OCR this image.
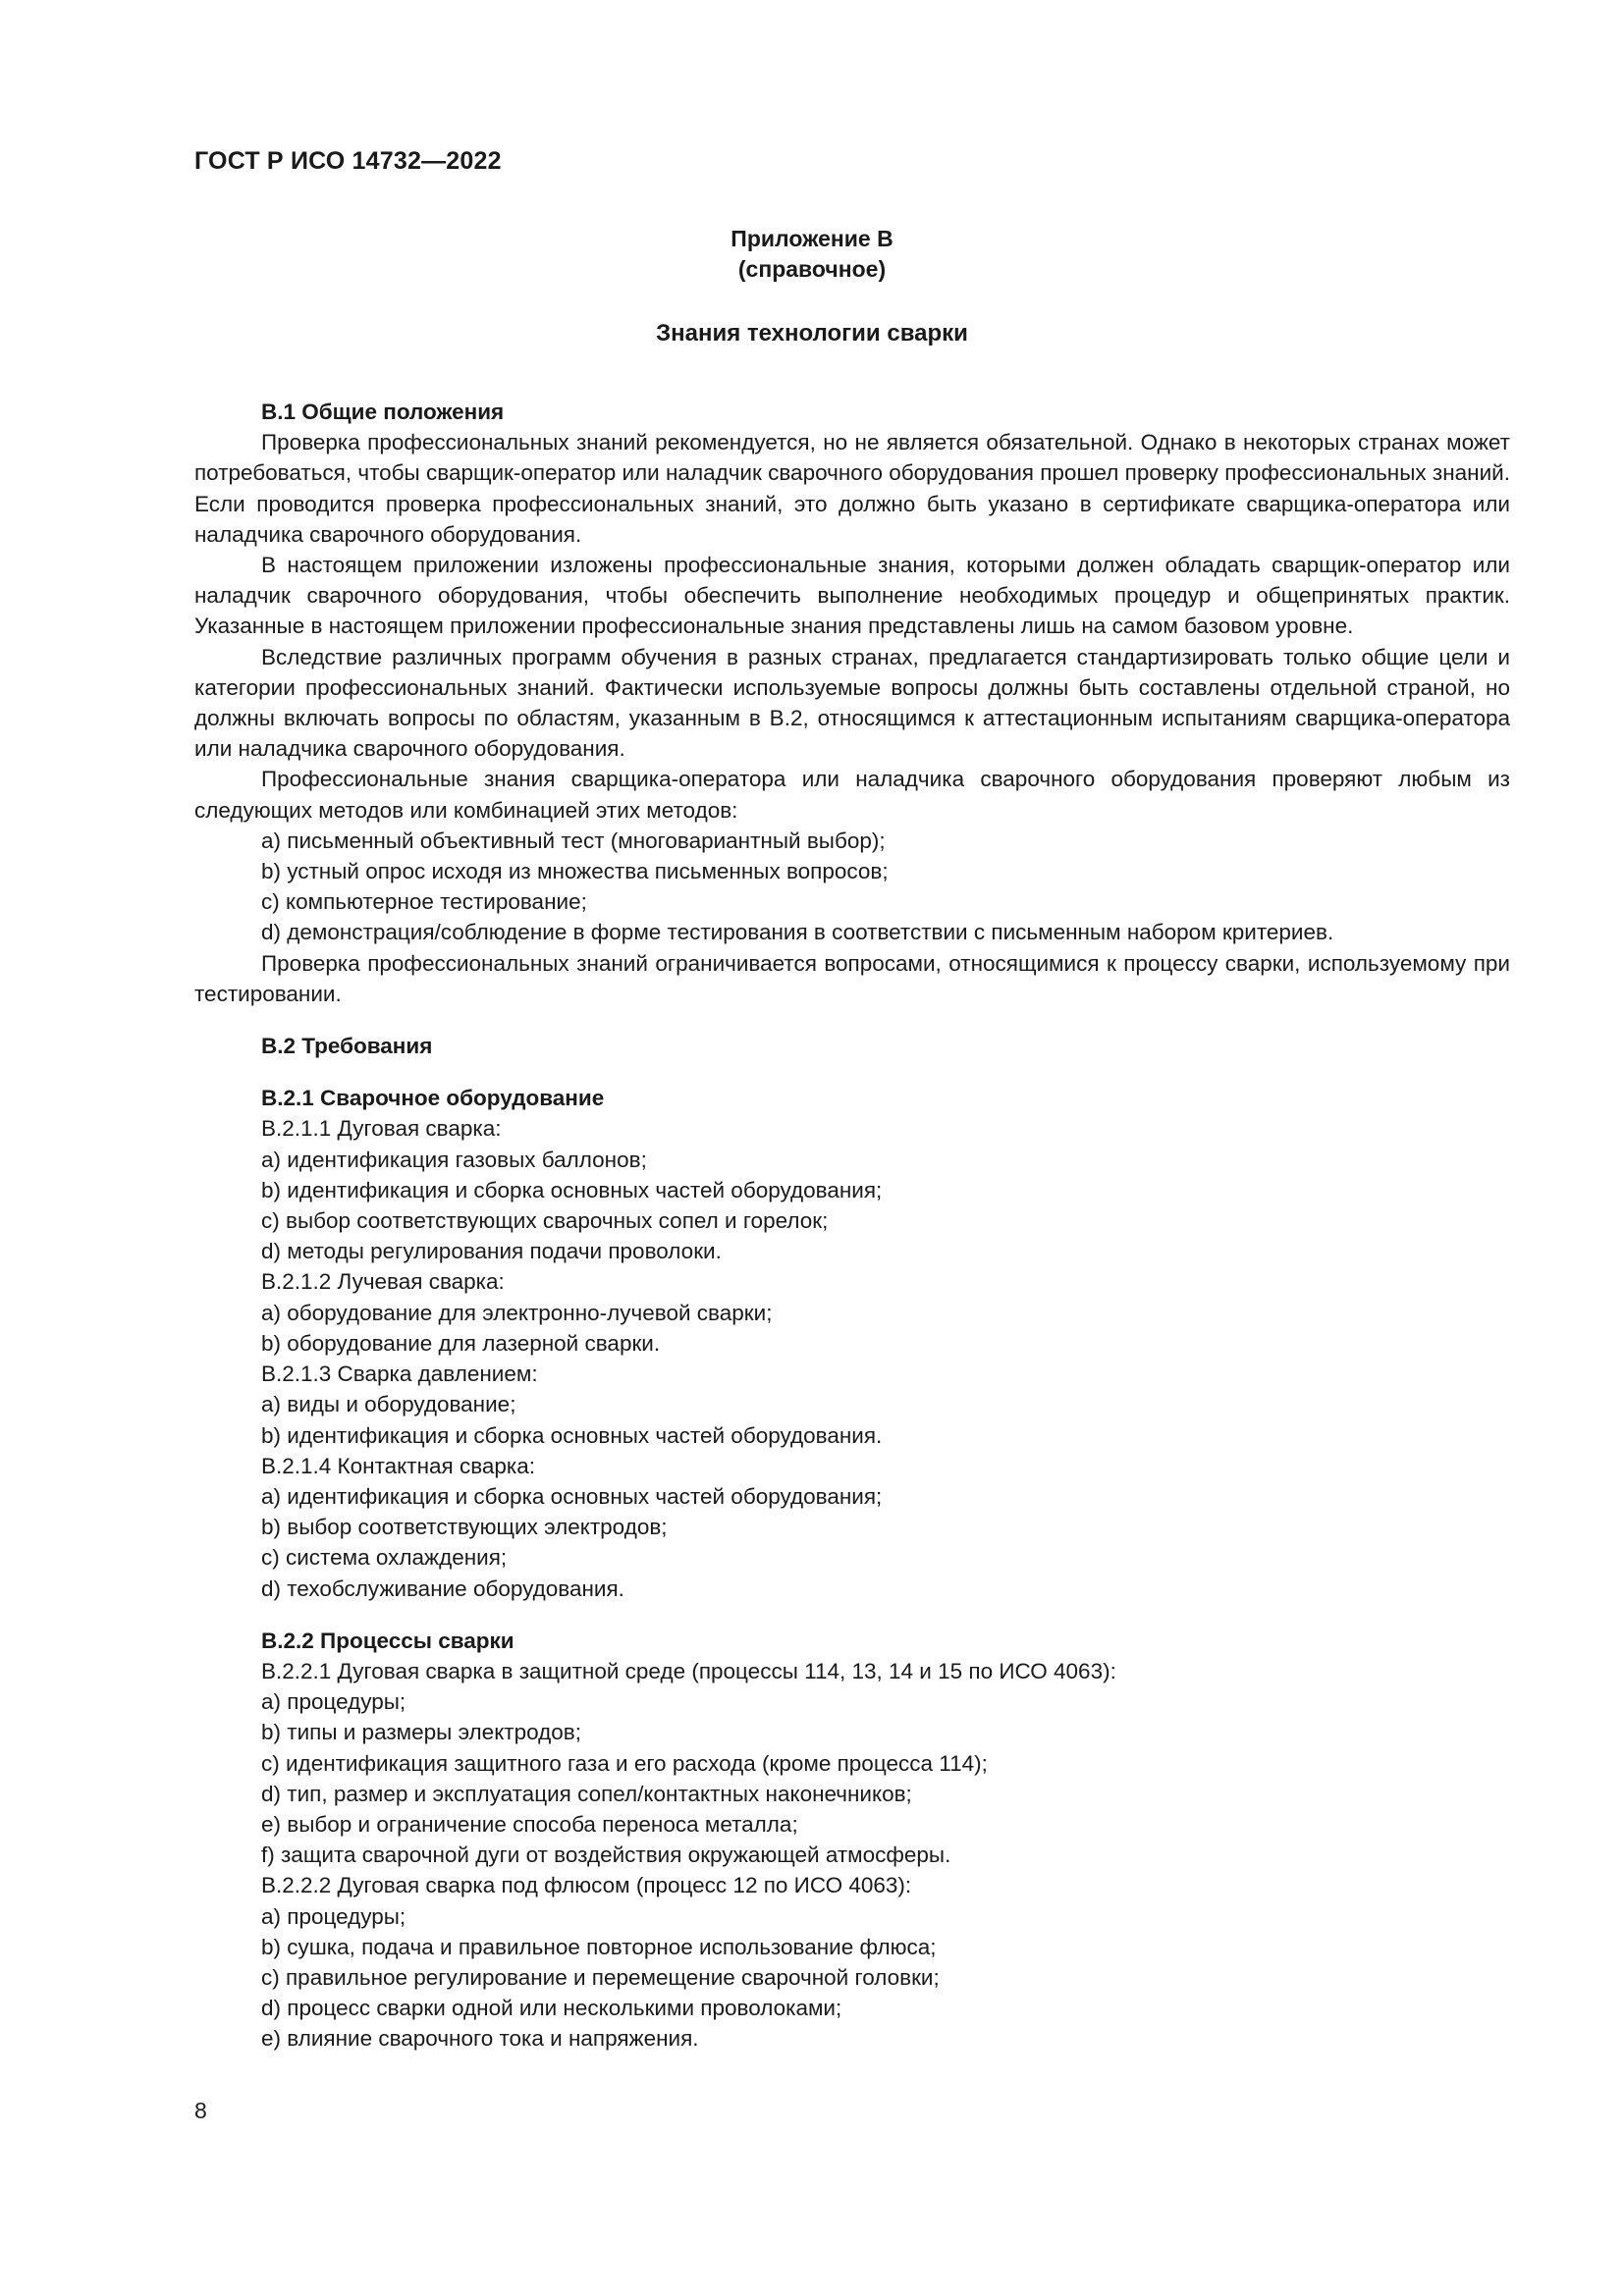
ГОСТ Р ИСО 14732—2022
Приложение В
(справочное)
Знания технологии сварки

В.1 Общие положения

Проверка профессиональных знаний рекомендуется, но не является обязательной. Однако в некоторых странах может потребоваться, чтобы сварщик-оператор или наладчик сварочного оборудования прошел проверку профессиональных знаний. Если проводится проверка профессиональных знаний, это должно быть указано в сертификате сварщика-оператора или наладчика сварочного оборудования.

В настоящем приложении изложены профессиональные знания, которыми должен обладать сварщик-оператор или наладчик сварочного оборудования, чтобы обеспечить выполнение необходимых процедур и общепринятых практик. Указанные в настоящем приложении профессиональные знания представлены лишь на самом базовом уровне.

Вследствие различных программ обучения в разных странах, предлагается стандартизировать только общие цели и категории профессиональных знаний. Фактически используемые вопросы должны быть составлены отдельной страной, но должны включать вопросы по областям, указанным в В.2, относящимся к аттестационным испытаниям сварщика-оператора или наладчика сварочного оборудования.

Профессиональные знания сварщика-оператора или наладчика сварочного оборудования проверяют любым из следующих методов или комбинацией этих методов:

a) письменный объективный тест (многовариантный выбор);

b) устный опрос исходя из множества письменных вопросов;

c) компьютерное тестирование;

d) демонстрация/соблюдение в форме тестирования в соответствии с письменным набором критериев.

Проверка профессиональных знаний ограничивается вопросами, относящимися к процессу сварки, используемому при тестировании.

В.2 Требования

В.2.1 Сварочное оборудование

В.2.1.1 Дуговая сварка:

a) идентификация газовых баллонов;

b) идентификация и сборка основных частей оборудования;

c) выбор соответствующих сварочных сопел и горелок;

d) методы регулирования подачи проволоки.

В.2.1.2 Лучевая сварка:

a) оборудование для электронно-лучевой сварки;

b) оборудование для лазерной сварки.

В.2.1.3 Сварка давлением:

a) виды и оборудование;

b) идентификация и сборка основных частей оборудования.

В.2.1.4 Контактная сварка:

a) идентификация и сборка основных частей оборудования;

b) выбор соответствующих электродов;

c) система охлаждения;

d) техобслуживание оборудования.

В.2.2 Процессы сварки

В.2.2.1 Дуговая сварка в защитной среде (процессы 114, 13, 14 и 15 по ИСО 4063):

a) процедуры;

b) типы и размеры электродов;

c) идентификация защитного газа и его расхода (кроме процесса 114);

d) тип, размер и эксплуатация сопел/контактных наконечников;

e) выбор и ограничение способа переноса металла;

f) защита сварочной дуги от воздействия окружающей атмосферы.

В.2.2.2 Дуговая сварка под флюсом (процесс 12 по ИСО 4063):

a) процедуры;

b) сушка, подача и правильное повторное использование флюса;

c) правильное регулирование и перемещение сварочной головки;

d) процесс сварки одной или несколькими проволоками;

e) влияние сварочного тока и напряжения.

8
